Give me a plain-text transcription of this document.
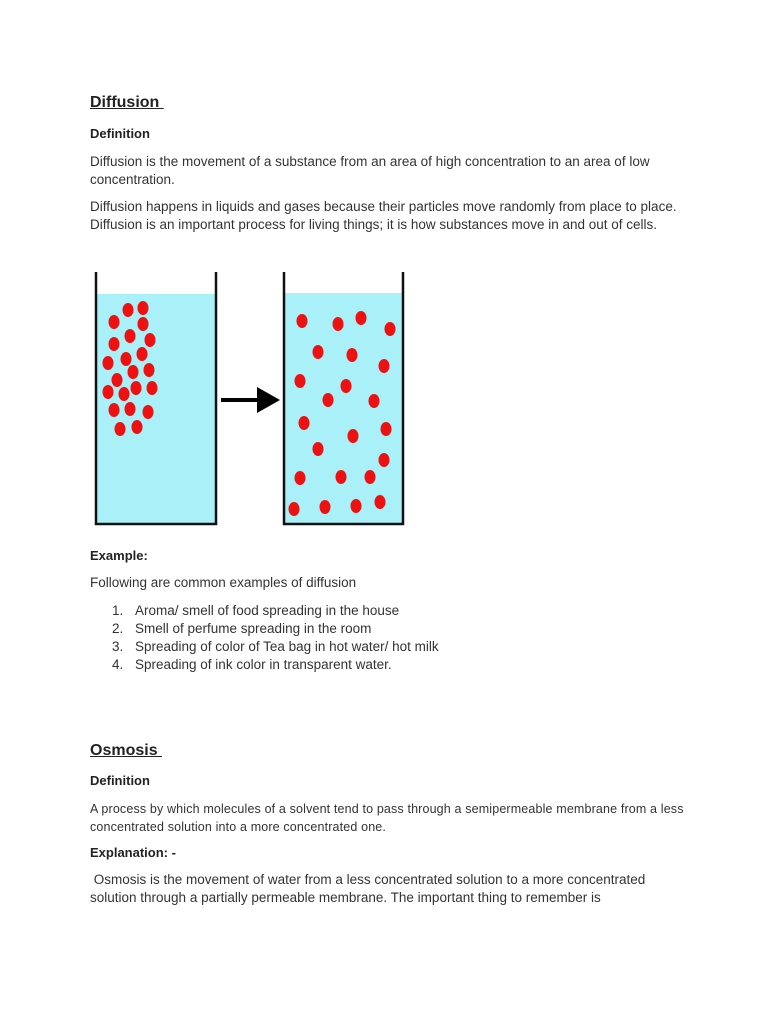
Diffusion
Definition

Diffusion is the movement of a substance from an area of high concentration to an area of low concentration.

Diffusion happens in liquids and gases because their particles move randomly from place to place. Diffusion is an important process for living things; it is how substances move in and out of cells.

Example:

Following are common examples of diffusion

1. Aroma/ smell of food spreading in the house
2. Smell of perfume spreading in the room
3. Spreading of color of Tea bag in hot water/ hot milk
4. Spreading of ink color in transparent water.
Osmosis
Definition

A process by which molecules of a solvent tend to pass through a semipermeable membrane from a less concentrated solution into a more concentrated one.

Explanation: -

Osmosis is the movement of water from a less concentrated solution to a more concentrated solution through a partially permeable membrane. The important thing to remember is
